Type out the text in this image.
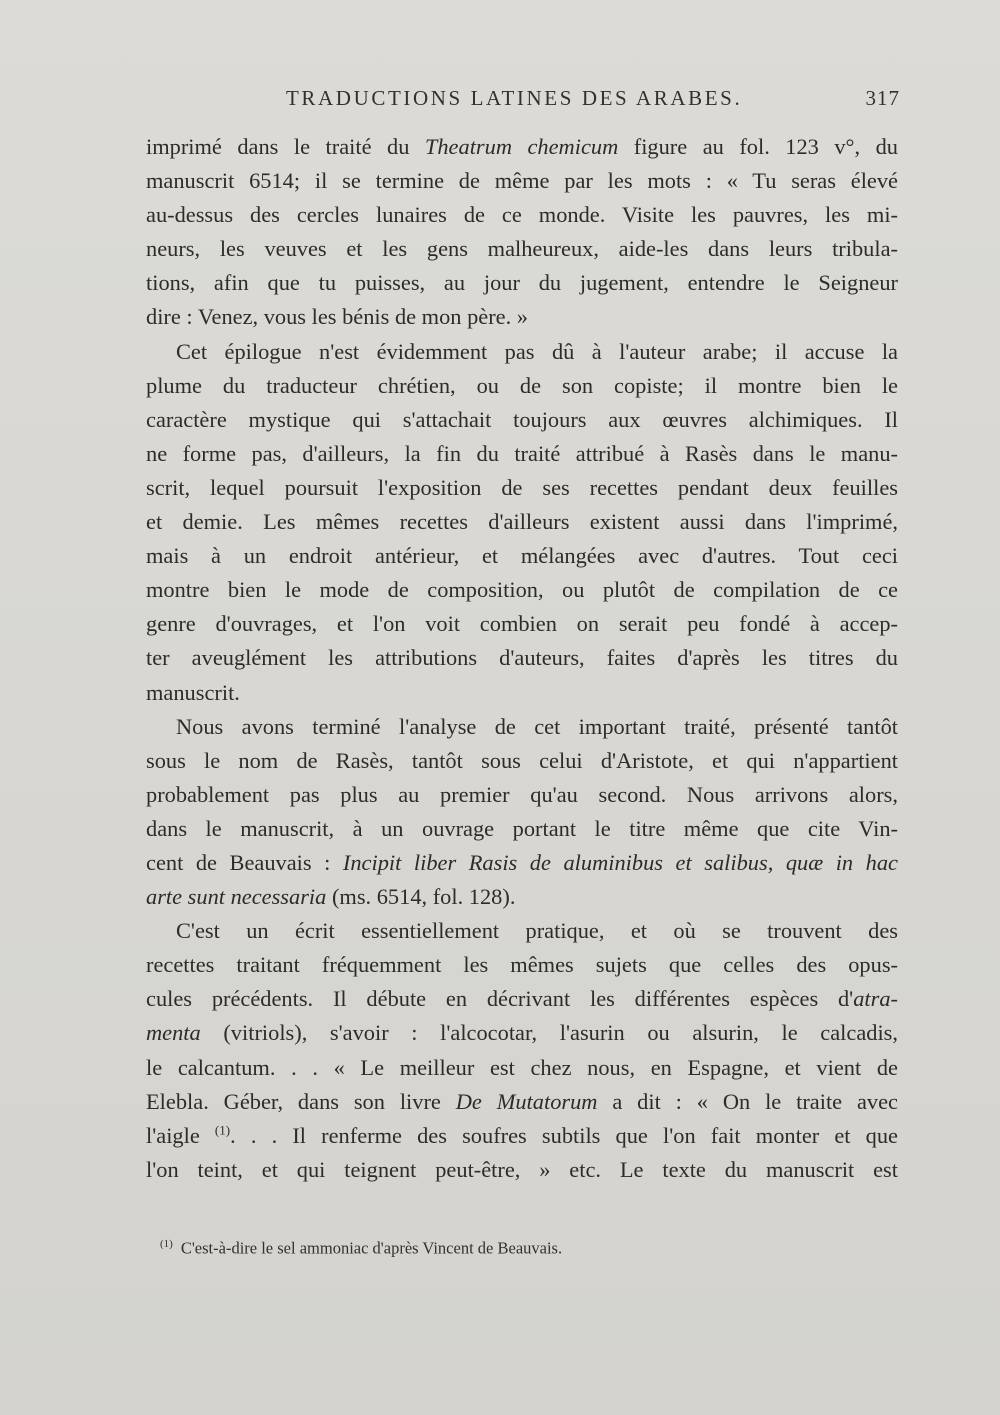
TRADUCTIONS LATINES DES ARABES.	317
imprimé dans le traité du Theatrum chemicum figure au fol. 123 v°, du
manuscrit 6514; il se termine de même par les mots : « Tu seras élevé
au-dessus des cercles lunaires de ce monde. Visite les pauvres, les mi-
neurs, les veuves et les gens malheureux, aide-les dans leurs tribula-
tions, afin que tu puisses, au jour du jugement, entendre le Seigneur
dire : Venez, vous les bénis de mon père. »
Cet épilogue n'est évidemment pas dû à l'auteur arabe; il accuse la
plume du traducteur chrétien, ou de son copiste; il montre bien le
caractère mystique qui s'attachait toujours aux œuvres alchimiques. Il
ne forme pas, d'ailleurs, la fin du traité attribué à Rasès dans le manu-
scrit, lequel poursuit l'exposition de ses recettes pendant deux feuilles
et demie. Les mêmes recettes d'ailleurs existent aussi dans l'imprimé,
mais à un endroit antérieur, et mélangées avec d'autres. Tout ceci
montre bien le mode de composition, ou plutôt de compilation de ce
genre d'ouvrages, et l'on voit combien on serait peu fondé à accep-
ter aveuglément les attributions d'auteurs, faites d'après les titres du
manuscrit.
Nous avons terminé l'analyse de cet important traité, présenté tantôt
sous le nom de Rasès, tantôt sous celui d'Aristote, et qui n'appartient
probablement pas plus au premier qu'au second. Nous arrivons alors,
dans le manuscrit, à un ouvrage portant le titre même que cite Vin-
cent de Beauvais : Incipit liber Rasis de aluminibus et salibus, quæ in hac
arte sunt necessaria (ms. 6514, fol. 128).
C'est un écrit essentiellement pratique, et où se trouvent des
recettes traitant fréquemment les mêmes sujets que celles des opus-
cules précédents. Il débute en décrivant les différentes espèces d'atra-
menta (vitriols), s'avoir : l'alcocotar, l'asurin ou alsurin, le calcadis,
le calcantum. . . « Le meilleur est chez nous, en Espagne, et vient de
Elebla. Géber, dans son livre De Mutatorum a dit : « On le traite avec
l'aigle $^{(1)}$. . . Il renferme des soufres subtils que l'on fait monter et que
l'on teint, et qui teignent peut-être, » etc. Le texte du manuscrit est
$^{(1)}$ C'est-à-dire le sel ammoniac d'après Vincent de Beauvais.
